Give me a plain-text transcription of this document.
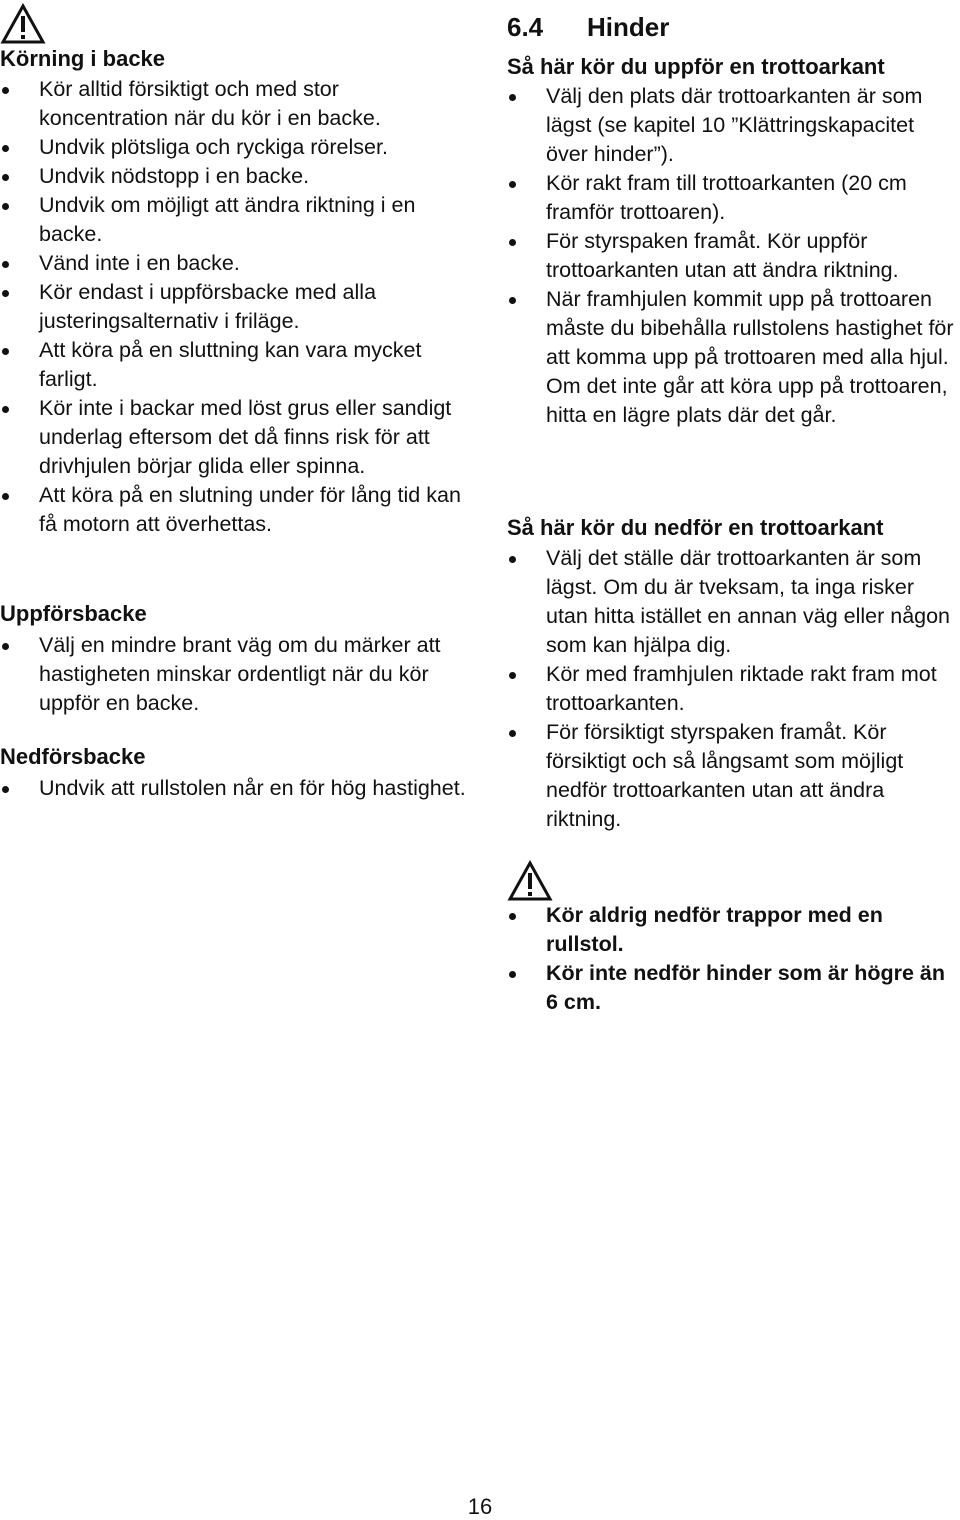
Körning i backe
Kör alltid försiktigt och med stor koncentration när du kör i en backe.
Undvik plötsliga och ryckiga rörelser.
Undvik nödstopp i en backe.
Undvik om möjligt att ändra riktning i en backe.
Vänd inte i en backe.
Kör endast i uppförsbacke med alla justeringsalternativ i friläge.
Att köra på en sluttning kan vara mycket farligt.
Kör inte i backar med löst grus eller sandigt underlag eftersom det då finns risk för att drivhjulen börjar glida eller spinna.
Att köra på en slutning under för lång tid kan få motorn att överhettas.
Uppförsbacke
Välj en mindre brant väg om du märker att hastigheten minskar ordentligt när du kör uppför en backe.
Nedförsbacke
Undvik att rullstolen når en för hög hastighet.
6.4 Hinder
Så här kör du uppför en trottoarkant
Välj den plats där trottoarkanten är som lägst (se kapitel 10 ”Klättringskapacitet över hinder”).
Kör rakt fram till trottoarkanten (20 cm framför trottoaren).
För styrspaken framåt. Kör uppför trottoarkanten utan att ändra riktning.
När framhjulen kommit upp på trottoaren måste du bibehålla rullstolens hastighet för att komma upp på trottoaren med alla hjul. Om det inte går att köra upp på trottoaren, hitta en lägre plats där det går.
Så här kör du nedför en trottoarkant
Välj det ställe där trottoarkanten är som lägst. Om du är tveksam, ta inga risker utan hitta istället en annan väg eller någon som kan hjälpa dig.
Kör med framhjulen riktade rakt fram mot trottoarkanten.
För försiktigt styrspaken framåt. Kör försiktigt och så långsamt som möjligt nedför trottoarkanten utan att ändra riktning.
Kör aldrig nedför trappor med en rullstol.
Kör inte nedför hinder som är högre än 6 cm.
16
